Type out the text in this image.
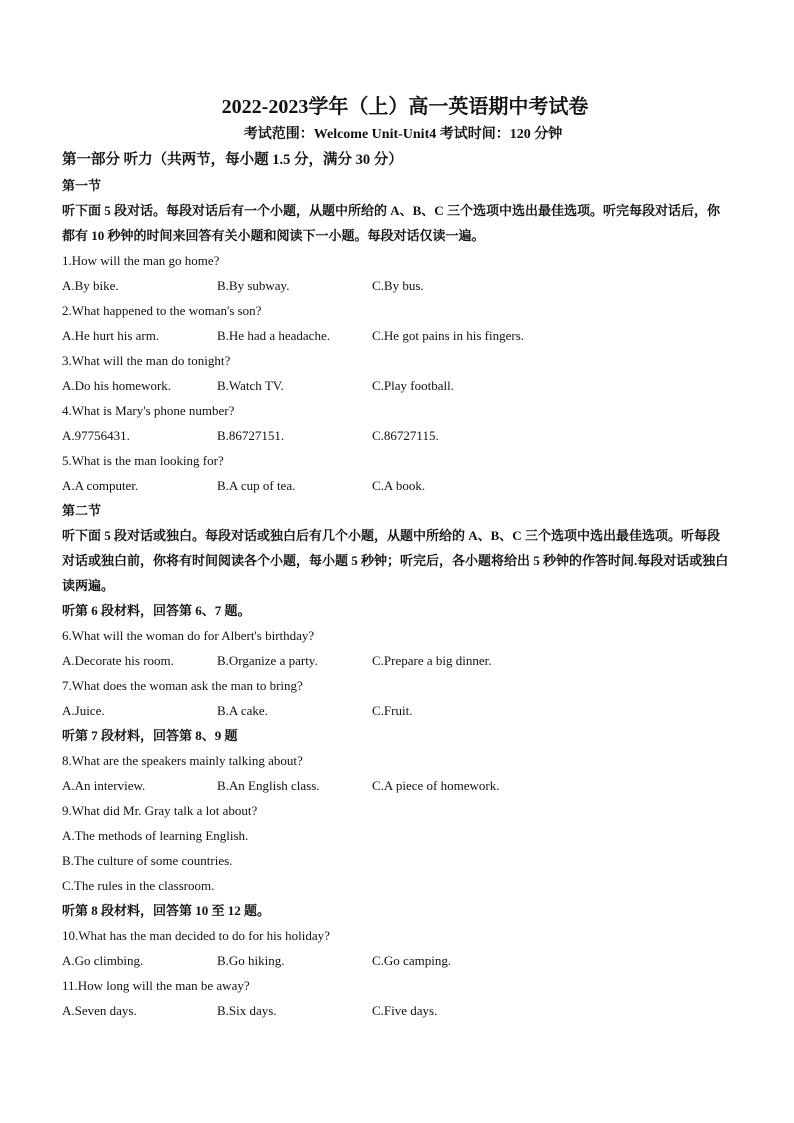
2022-2023学年（上）高一英语期中考试卷
考试范围：Welcome Unit-Unit4 考试时间：120 分钟
第一部分 听力（共两节，每小题 1.5 分，满分 30 分）
第一节
听下面 5 段对话。每段对话后有一个小题，从题中所给的 A、B、C 三个选项中选出最佳选项。听完每段对话后，你都有 10 秒钟的时间来回答有关小题和阅读下一小题。每段对话仅读一遍。
1.How will the man go home?
A.By bike.	B.By subway.	C.By bus.
2.What happened to the woman's son?
A.He hurt his arm.	B.He had a headache.	C.He got pains in his fingers.
3.What will the man do tonight?
A.Do his homework.	B.Watch TV.	C.Play football.
4.What is Mary's phone number?
A.97756431.	B.86727151.	C.86727115.
5.What is the man looking for?
A.A computer.	B.A cup of tea.	C.A book.
第二节
听下面 5 段对话或独白。每段对话或独白后有几个小题，从题中所给的 A、B、C 三个选项中选出最佳选项。听每段对话或独白前，你将有时间阅读各个小题，每小题 5 秒钟；听完后，各小题将给出 5 秒钟的作答时间.每段对话或独白读两遍。
听第 6 段材料，回答第 6、7 题。
6.What will the woman do for Albert's birthday?
A.Decorate his room.	B.Organize a party.	C.Prepare a big dinner.
7.What does the woman ask the man to bring?
A.Juice.	B.A cake.	C.Fruit.
听第 7 段材料，回答第 8、9 题
8.What are the speakers mainly talking about?
A.An interview.	B.An English class.	C.A piece of homework.
9.What did Mr. Gray talk a lot about?
A.The methods of learning English.
B.The culture of some countries.
C.The rules in the classroom.
听第 8 段材料，回答第 10 至 12 题。
10.What has the man decided to do for his holiday?
A.Go climbing.	B.Go hiking.	C.Go camping.
11.How long will the man be away?
A.Seven days.	B.Six days.	C.Five days.
